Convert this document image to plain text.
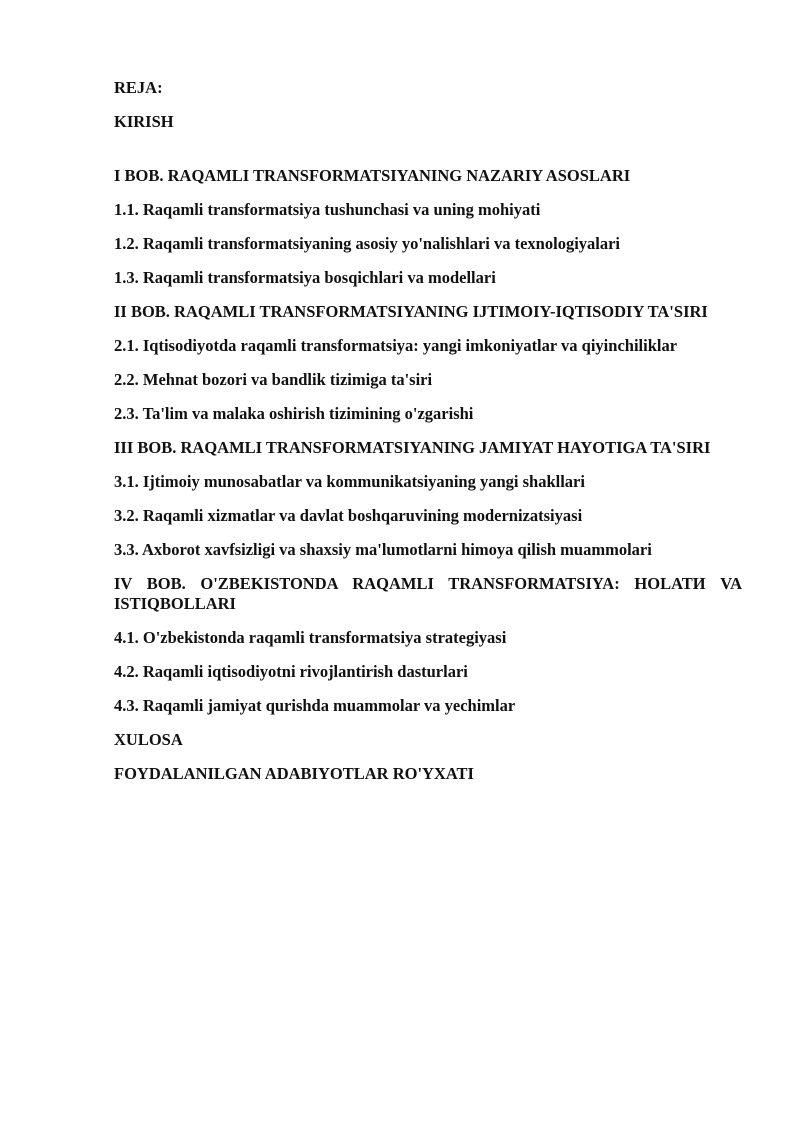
REJA:

KIRISH

I BOB. RAQAMLI TRANSFORMATSIYANING NAZARIY ASOSLARI

1.1. Raqamli transformatsiya tushunchasi va uning mohiyati

1.2. Raqamli transformatsiyaning asosiy yo'nalishlari va texnologiyalari

1.3. Raqamli transformatsiya bosqichlari va modellari

II BOB. RAQAMLI TRANSFORMATSIYANING IJTIMOIY-IQTISODIY TA'SIRI

2.1. Iqtisodiyotda raqamli transformatsiya: yangi imkoniyatlar va qiyinchiliklar

2.2. Mehnat bozori va bandlik tizimiga ta'siri

2.3. Ta'lim va malaka oshirish tizimining o'zgarishi

III BOB. RAQAMLI TRANSFORMATSIYANING JAMIYAT HAYOTIGA TA'SIRI

3.1. Ijtimoiy munosabatlar va kommunikatsiyaning yangi shakllari

3.2. Raqamli xizmatlar va davlat boshqaruvining modernizatsiyasi

3.3. Axborot xavfsizligi va shaxsiy ma'lumotlarni himoya qilish muammolari

IV BOB. O'ZBEKISTONDA RAQAMLI TRANSFORMATSIYA: HOLATИ VA ISTIQBOLLARI

4.1. O'zbekistonda raqamli transformatsiya strategiyasi

4.2. Raqamli iqtisodiyotni rivojlantirish dasturlari

4.3. Raqamli jamiyat qurishda muammolar va yechimlar

XULOSA

FOYDALANILGAN ADABIYOTLAR RO'YXATI
